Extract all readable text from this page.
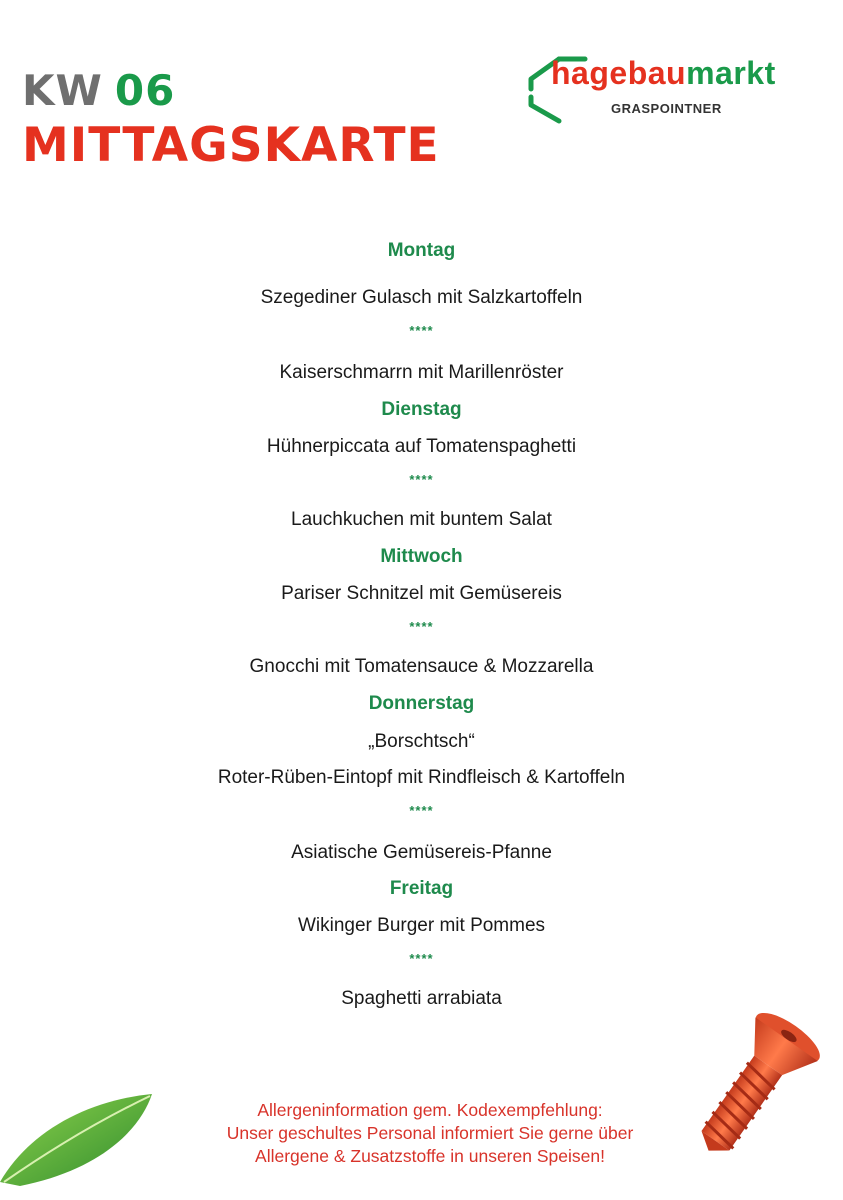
KW 06
MITTAGSKARTE
hagebaumarkt
GRASPOINTNER
Montag
Szegediner Gulasch mit Salzkartoffeln
****
Kaiserschmarrn mit Marillenröster
Dienstag
Hühnerpiccata auf Tomatenspaghetti
****
Lauchkuchen mit buntem Salat
Mittwoch
Pariser Schnitzel mit Gemüsereis
****
Gnocchi mit Tomatensauce & Mozzarella
Donnerstag
„Borschtsch“
Roter-Rüben-Eintopf mit Rindfleisch & Kartoffeln
****
Asiatische Gemüsereis-Pfanne
Freitag
Wikinger Burger mit Pommes
****
Spaghetti arrabiata
Allergeninformation gem. Kodexempfehlung:
Unser geschultes Personal informiert Sie gerne über
Allergene & Zusatzstoffe in unseren Speisen!
